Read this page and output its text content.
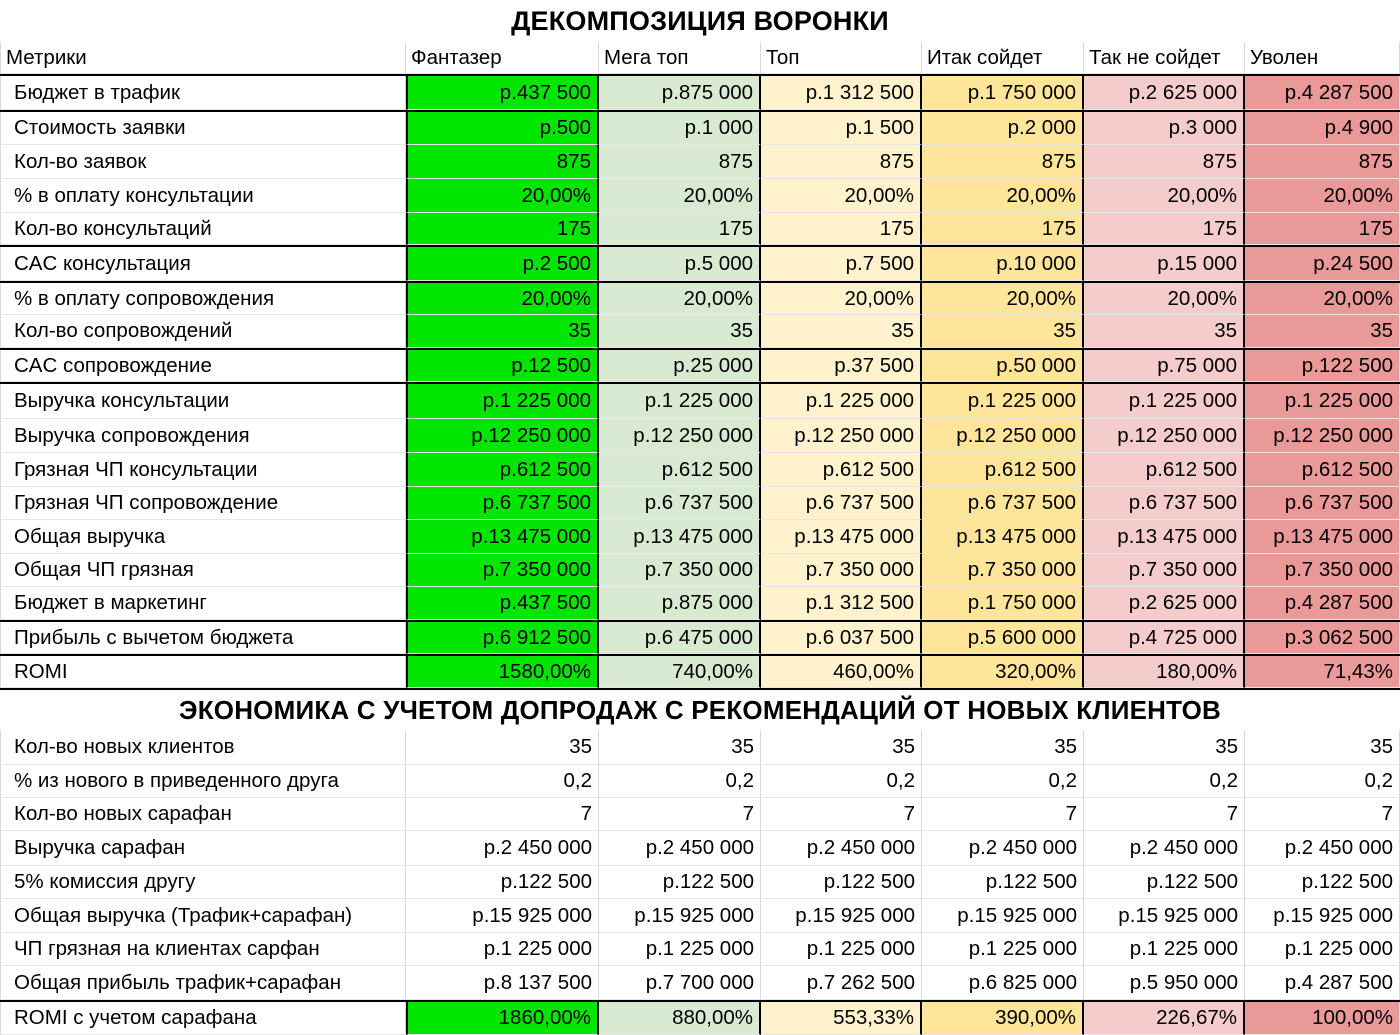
ДЕКОМПОЗИЦИЯ ВОРОНКИ
Метрики	Фантазер	Мега топ	Топ	Итак сойдет	Так не сойдет	Уволен
Бюджет в трафик	р.437 500	р.875 000	р.1 312 500	р.1 750 000	р.2 625 000	р.4 287 500
Стоимость заявки	р.500	р.1 000	р.1 500	р.2 000	р.3 000	р.4 900
Кол-во заявок	875	875	875	875	875	875
% в оплату консультации	20,00%	20,00%	20,00%	20,00%	20,00%	20,00%
Кол-во консультаций	175	175	175	175	175	175
CAC консультация	р.2 500	р.5 000	р.7 500	р.10 000	р.15 000	р.24 500
% в оплату сопровождения	20,00%	20,00%	20,00%	20,00%	20,00%	20,00%
Кол-во сопровождений	35	35	35	35	35	35
CAC сопровождение	р.12 500	р.25 000	р.37 500	р.50 000	р.75 000	р.122 500
Выручка консультации	р.1 225 000	р.1 225 000	р.1 225 000	р.1 225 000	р.1 225 000	р.1 225 000
Выручка сопровождения	р.12 250 000	р.12 250 000	р.12 250 000	р.12 250 000	р.12 250 000	р.12 250 000
Грязная ЧП консультации	р.612 500	р.612 500	р.612 500	р.612 500	р.612 500	р.612 500
Грязная ЧП сопровождение	р.6 737 500	р.6 737 500	р.6 737 500	р.6 737 500	р.6 737 500	р.6 737 500
Общая выручка	р.13 475 000	р.13 475 000	р.13 475 000	р.13 475 000	р.13 475 000	р.13 475 000
Общая ЧП грязная	р.7 350 000	р.7 350 000	р.7 350 000	р.7 350 000	р.7 350 000	р.7 350 000
Бюджет в маркетинг	р.437 500	р.875 000	р.1 312 500	р.1 750 000	р.2 625 000	р.4 287 500
Прибыль с вычетом бюджета	р.6 912 500	р.6 475 000	р.6 037 500	р.5 600 000	р.4 725 000	р.3 062 500
ROMI	1580,00%	740,00%	460,00%	320,00%	180,00%	71,43%
ЭКОНОМИКА С УЧЕТОМ ДОПРОДАЖ С РЕКОМЕНДАЦИЙ ОТ НОВЫХ КЛИЕНТОВ
Кол-во новых клиентов	35	35	35	35	35	35
% из нового в приведенного друга	0,2	0,2	0,2	0,2	0,2	0,2
Кол-во новых сарафан	7	7	7	7	7	7
Выручка сарафан	р.2 450 000	р.2 450 000	р.2 450 000	р.2 450 000	р.2 450 000	р.2 450 000
5% комиссия другу	р.122 500	р.122 500	р.122 500	р.122 500	р.122 500	р.122 500
Общая выручка (Трафик+сарафан)	р.15 925 000	р.15 925 000	р.15 925 000	р.15 925 000	р.15 925 000	р.15 925 000
ЧП грязная на клиентах сарфан	р.1 225 000	р.1 225 000	р.1 225 000	р.1 225 000	р.1 225 000	р.1 225 000
Общая прибыль трафик+сарафан	р.8 137 500	р.7 700 000	р.7 262 500	р.6 825 000	р.5 950 000	р.4 287 500
ROMI с учетом сарафана	1860,00%	880,00%	553,33%	390,00%	226,67%	100,00%
